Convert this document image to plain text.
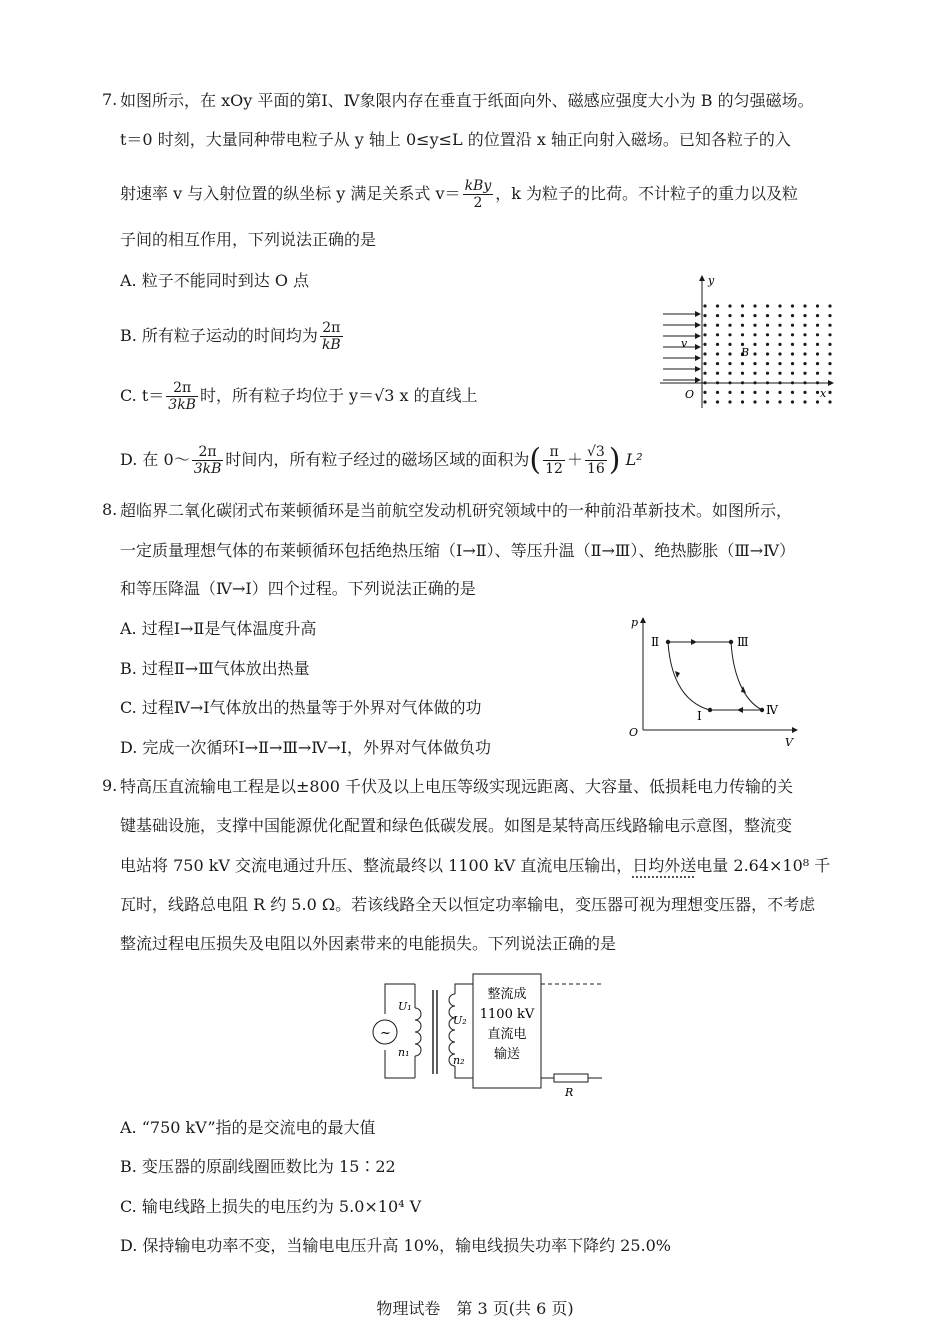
7. 如图所示，在 xOy 平面的第Ⅰ、Ⅳ象限内存在垂直于纸面向外、磁感应强度大小为 B 的匀强磁场。
t＝0 时刻，大量同种带电粒子从 y 轴上 0≤y≤L 的位置沿 x 轴正向射入磁场。已知各粒子的入
射速率 v 与入射位置的纵坐标 y 满足关系式 $v= \frac{\text{kBy}}{2}$ ，k 为粒子的比荷。不计粒子的重力以及粒
子间的相互作用，下列说法正确的是
A. 粒子不能同时到达 O 点
B. 所有粒子运动的时间均为 $\frac{2\pi}{kB}$
C. $t= \frac{2\pi}{3kB}$ 时，所有粒子均位于 y＝√3 x 的直线上
D. 在 0～ $\frac{2\pi}{3kB}$ 时间内，所有粒子经过的磁场区域的面积为( $\frac{\pi}{12} + \frac{√3}{16}$ ) L²
y
x
O
v
B
8. 超临界二氧化碳闭式布莱顿循环是当前航空发动机研究领域中的一种前沿革新技术。如图所示，
一定质量理想气体的布莱顿循环包括绝热压缩（Ⅰ→Ⅱ）、等压升温（Ⅱ→Ⅲ）、绝热膨胀（Ⅲ→Ⅳ）
和等压降温（Ⅳ→Ⅰ）四个过程。下列说法正确的是
A. 过程Ⅰ→Ⅱ是气体温度升高
B. 过程Ⅱ→Ⅲ气体放出热量
C. 过程Ⅳ→Ⅰ气体放出的热量等于外界对气体做的功
D. 完成一次循环Ⅰ→Ⅱ→Ⅲ→Ⅳ→Ⅰ，外界对气体做负功
p
V
O
Ⅱ	Ⅲ
Ⅰ	Ⅳ
9. 特高压直流输电工程是以±800 千伏及以上电压等级实现远距离、大容量、低损耗电力传输的关
键基础设施，支撑中国能源优化配置和绿色低碳发展。如图是某特高压线路输电示意图，整流变
电站将 750 kV 交流电通过升压、整流最终以 1100 kV 直流电压输出，日均外送电量 2.64×10⁸ 千
瓦时，线路总电阻 R 约 5.0 Ω。若该线路全天以恒定功率输电，变压器可视为理想变压器，不考虑
整流过程电压损失及电阻以外因素带来的电能损失。下列说法正确的是
~
U₁
n₁
U₂
n₂
整流成
1100 kV
直流电
输送
R
A. “750 kV”指的是交流电的最大值
B. 变压器的原副线圈匝数比为 15∶22
C. 输电线路上损失的电压约为 5.0×10⁴ V
D. 保持输电功率不变，当输电电压升高 10%，输电线损失功率下降约 25.0%
物理试卷　第 3 页(共 6 页)
